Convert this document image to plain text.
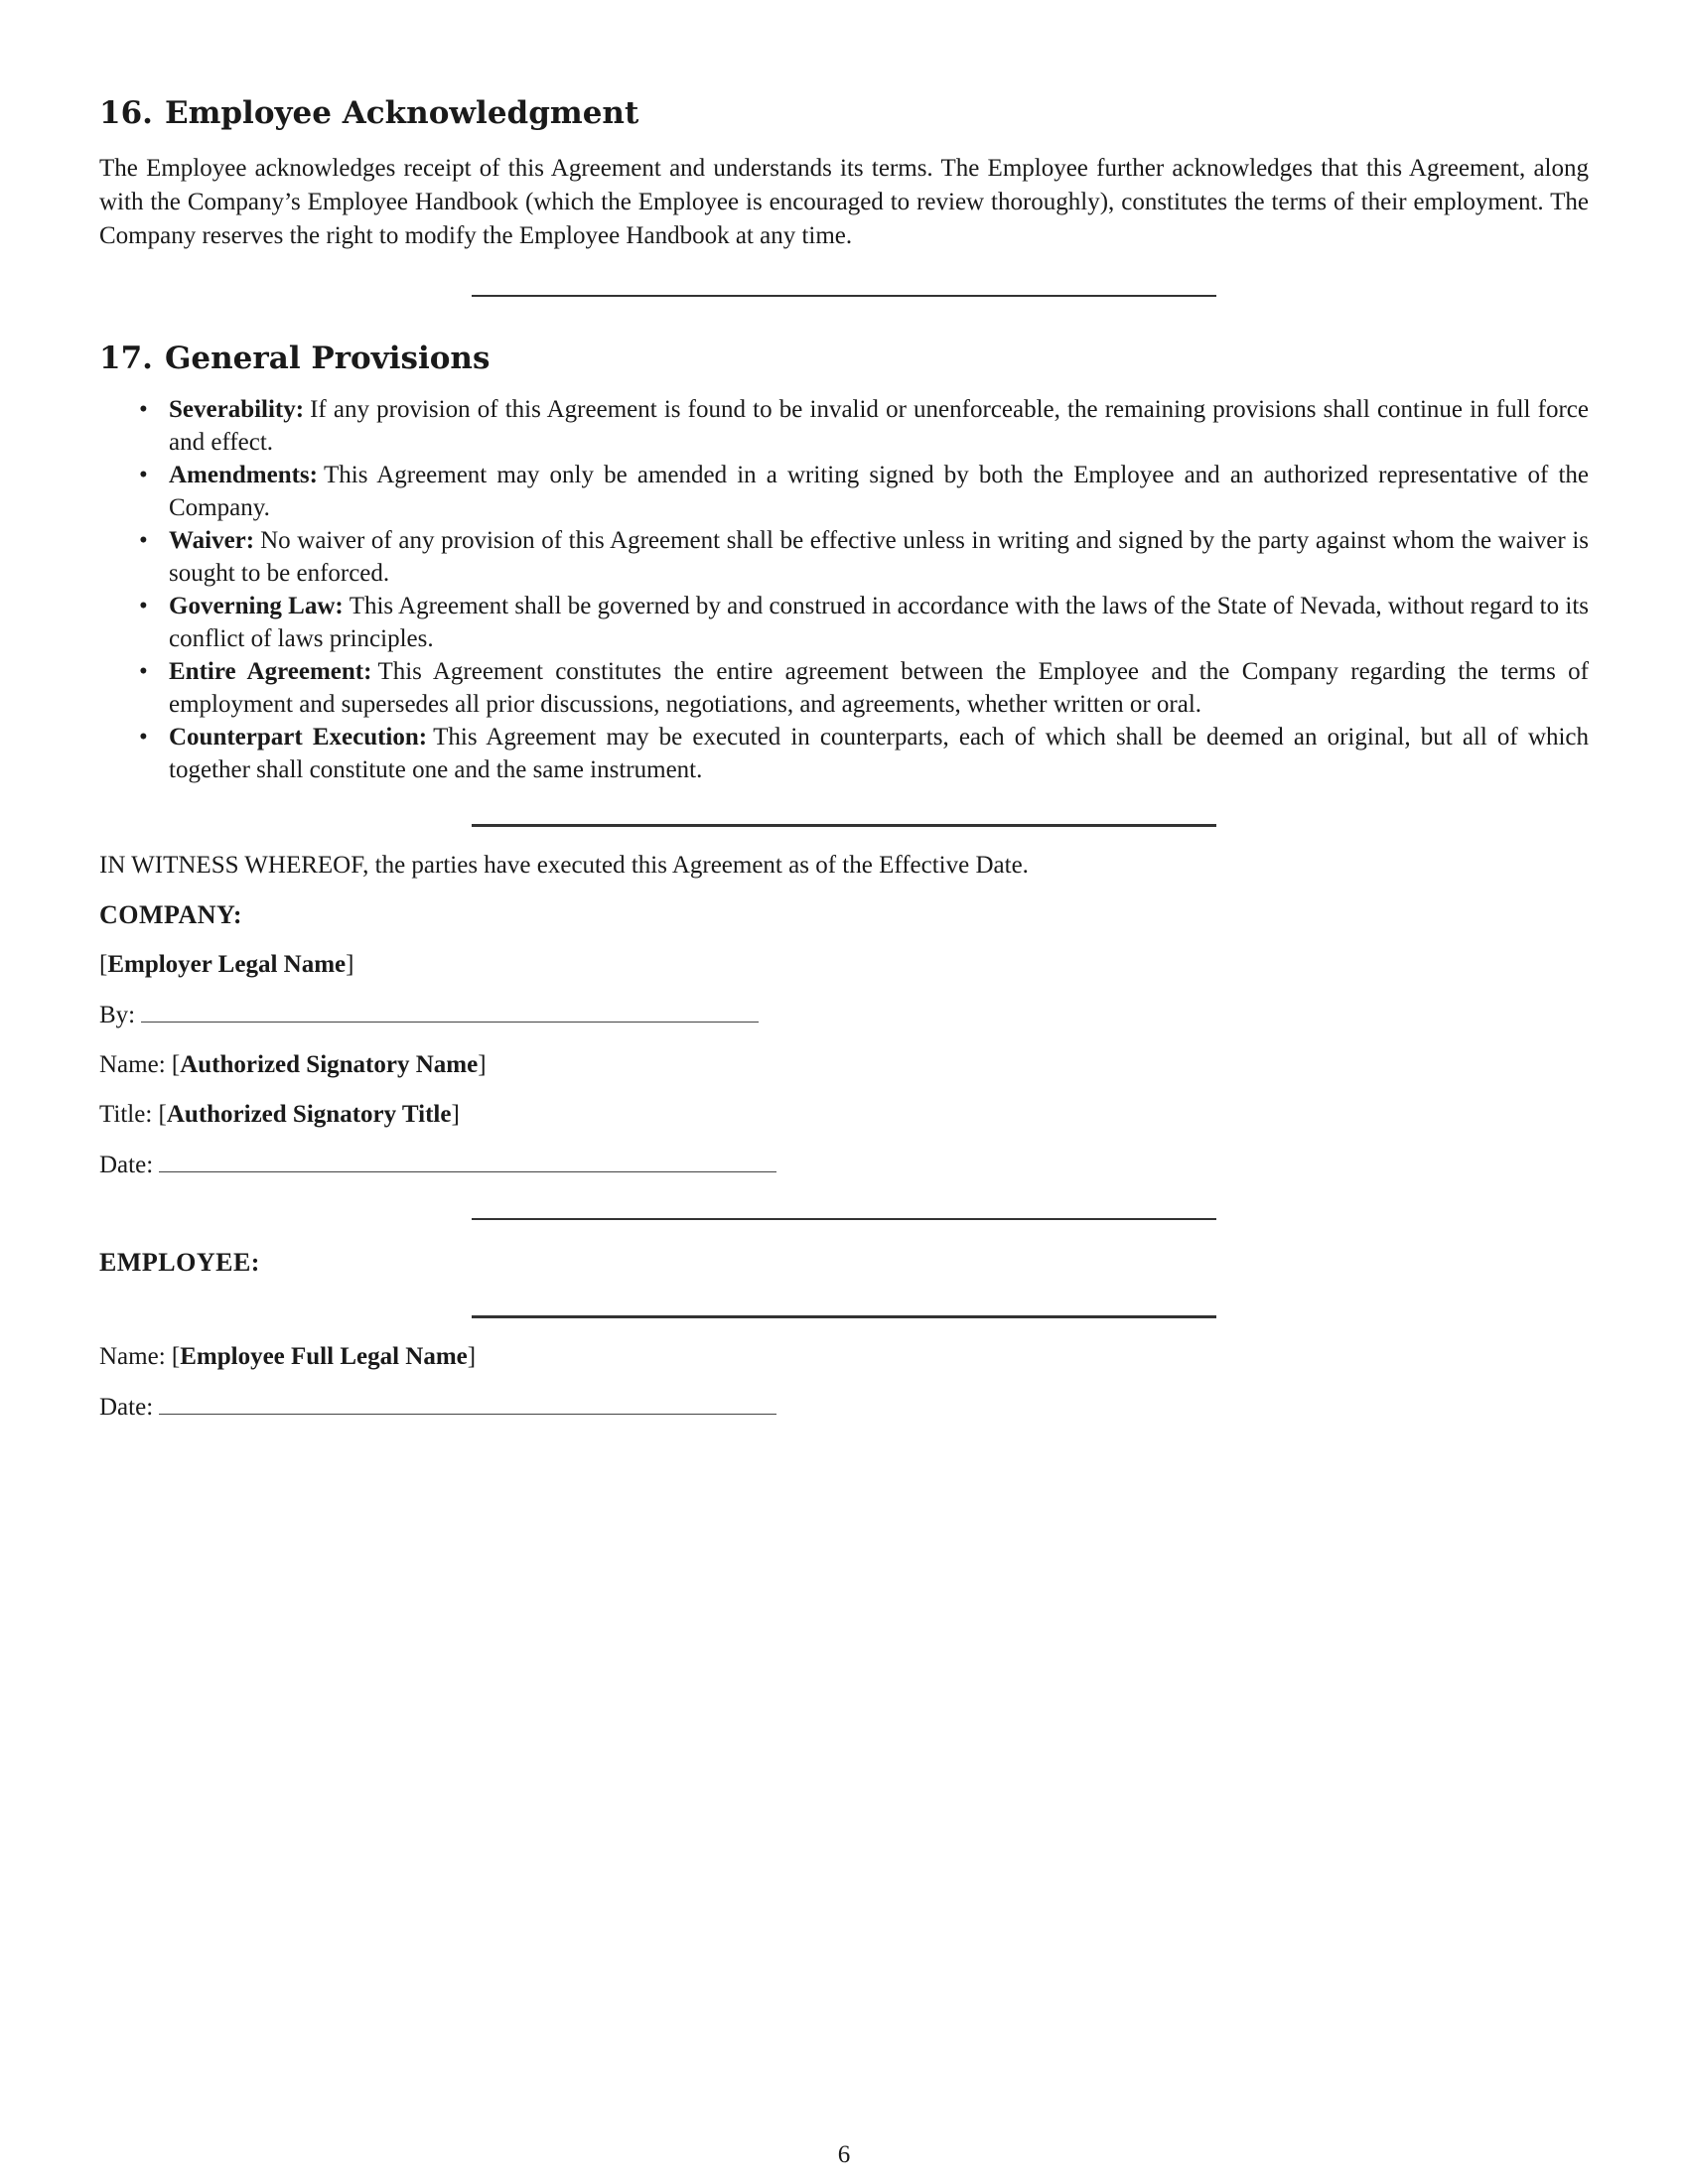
16. Employee Acknowledgment

The Employee acknowledges receipt of this Agreement and understands its terms. The Employee further acknowledges that this Agreement, along with the Company’s Employee Handbook (which the Employee is encouraged to review thoroughly), constitutes the terms of their employment. The Company reserves the right to modify the Employee Handbook at any time.

17. General Provisions
• Severability: If any provision of this Agreement is found to be invalid or unenforceable, the remaining provisions shall continue in full force and effect.
• Amendments: This Agreement may only be amended in a writing signed by both the Employee and an authorized representative of the Company.
• Waiver: No waiver of any provision of this Agreement shall be effective unless in writing and signed by the party against whom the waiver is sought to be enforced.
• Governing Law: This Agreement shall be governed by and construed in accordance with the laws of the State of Nevada, without regard to its conflict of laws principles.
• Entire Agreement: This Agreement constitutes the entire agreement between the Employee and the Company regarding the terms of employment and supersedes all prior discussions, negotiations, and agreements, whether written or oral.
• Counterpart Execution: This Agreement may be executed in counterparts, each of which shall be deemed an original, but all of which together shall constitute one and the same instrument.

IN WITNESS WHEREOF, the parties have executed this Agreement as of the Effective Date.

COMPANY:

[Employer Legal Name]

By:

Name: [Authorized Signatory Name]

Title: [Authorized Signatory Title]

Date:

EMPLOYEE:

Name: [Employee Full Legal Name]

Date:

6
